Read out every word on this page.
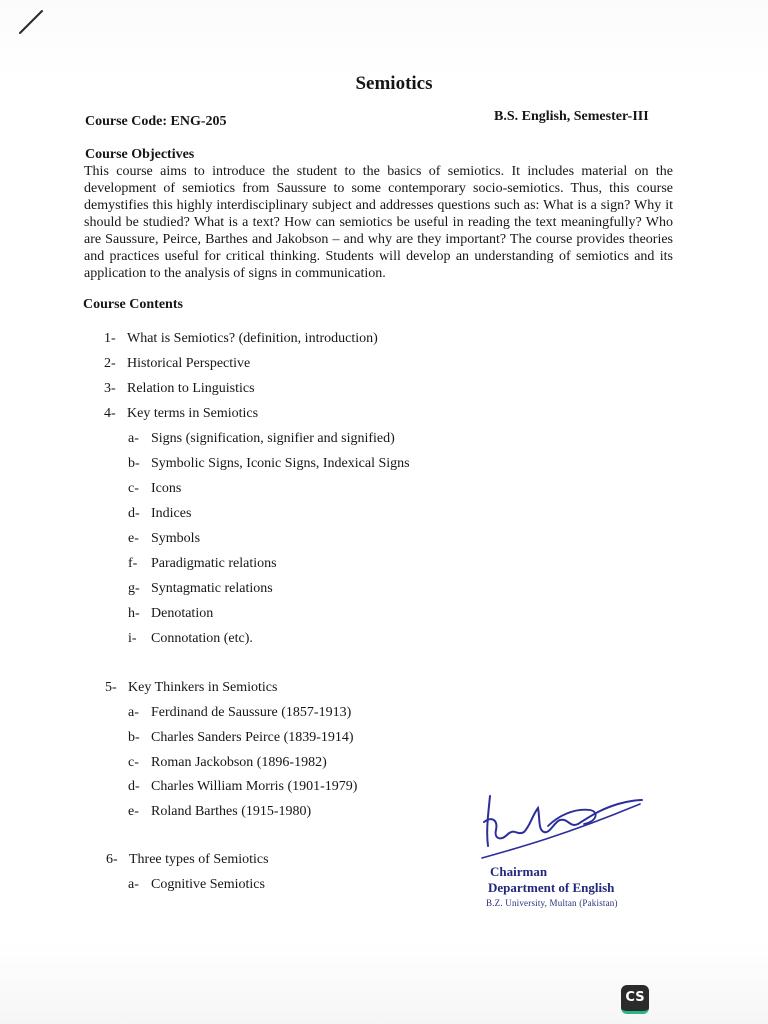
Semiotics
Course Code: ENG-205	B.S. English, Semester-III
Course Objectives

This course aims to introduce the student to the basics of semiotics. It includes material on the development of semiotics from Saussure to some contemporary socio-semiotics. Thus, this course demystifies this highly interdisciplinary subject and addresses questions such as: What is a sign? Why it should be studied? What is a text? How can semiotics be useful in reading the text meaningfully? Who are Saussure, Peirce, Barthes and Jakobson – and why are they important? The course provides theories and practices useful for critical thinking. Students will develop an understanding of semiotics and its application to the analysis of signs in communication.

Course Contents
1- What is Semiotics? (definition, introduction)
2- Historical Perspective
3- Relation to Linguistics
4- Key terms in Semiotics
a- Signs (signification, signifier and signified)
b- Symbolic Signs, Iconic Signs, Indexical Signs
c- Icons
d- Indices
e- Symbols
f- Paradigmatic relations
g- Syntagmatic relations
h- Denotation
i- Connotation (etc).
5- Key Thinkers in Semiotics
a- Ferdinand de Saussure (1857-1913)
b- Charles Sanders Peirce (1839-1914)
c- Roman Jackobson (1896-1982)
d- Charles William Morris (1901-1979)
e- Roland Barthes (1915-1980)
6- Three types of Semiotics
a- Cognitive Semiotics
Chairman
Department of English
B.Z. University, Multan (Pakistan)
CS
